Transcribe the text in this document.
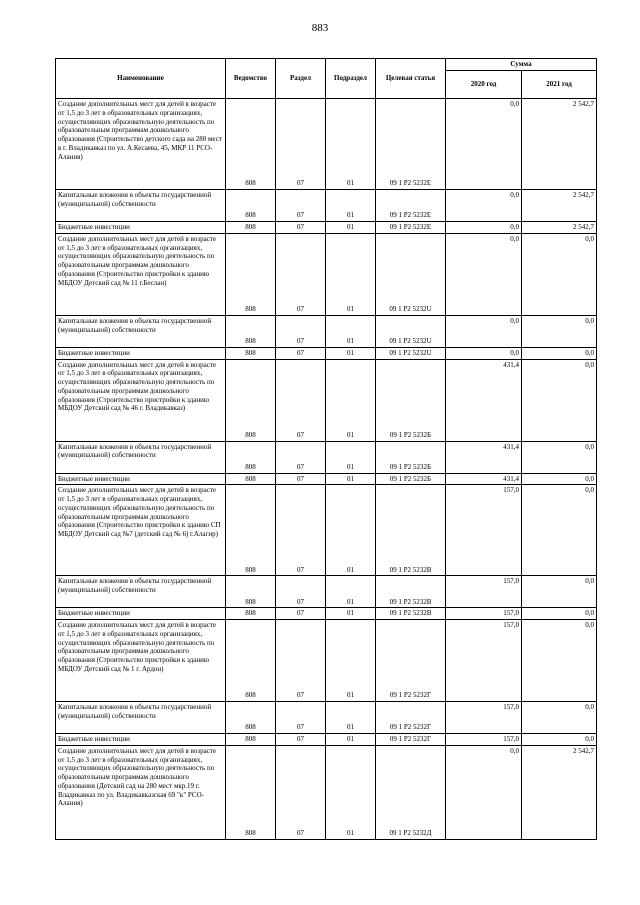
883
Наименование	Ведомство	Раздел	Подраздел	Целевая статья	Сумма	
					2020 год	2021 год

Создание дополнительных мест для детей в возрасте от 1,5 до 3 лет в образовательных организациях, осуществляющих образовательную деятельность по образовательным программам дошкольного образования (Строительство детского сада на 280 мест в г. Владикавказ по ул. А.Кесаева, 45, МКР 11 РСО-Алания)	808	07	01	09 1 Р2 5232Е	0,0	2 542,7

Капитальные вложения в объекты государственной (муниципальной) собственности	808	07	01	09 1 Р2 5232Е	0,0	2 542,7

Бюджетные инвестиции	808	07	01	09 1 Р2 5232Е	0,0	2 542,7

Создание дополнительных мест для детей в возрасте от 1,5 до 3 лет в образовательных организациях, осуществляющих образовательную деятельность по образовательным программам дошкольного образования (Строительство пристройки к зданию МБДОУ Детский сад № 11 г.Беслан)	808	07	01	09 1 Р2 5232U	0,0	0,0

Капитальные вложения в объекты государственной (муниципальной) собственности	808	07	01	09 1 Р2 5232U	0,0	0,0

Бюджетные инвестиции	808	07	01	09 1 Р2 5232U	0,0	0,0

Создание дополнительных мест для детей в возрасте от 1,5 до 3 лет в образовательных организациях, осуществляющих образовательную деятельность по образовательным программам дошкольного образования (Строительство пристройки к зданию МБДОУ Детский сад № 46 г. Владикавказ)	808	07	01	09 1 Р2 5232Б	431,4	0,0

Капитальные вложения в объекты государственной (муниципальной) собственности	808	07	01	09 1 Р2 5232Б	431,4	0,0

Бюджетные инвестиции	808	07	01	09 1 Р2 5232Б	431,4	0,0

Создание дополнительных мест для детей в возрасте от 1,5 до 3 лет в образовательных организациях, осуществляющих образовательную деятельность по образовательным программам дошкольного образования (Строительство пристройки к зданию СП МБДОУ Детский сад №7 (детский сад № 6) г.Алагир)	808	07	01	09 1 Р2 5232В	157,0	0,0

Капитальные вложения в объекты государственной (муниципальной) собственности	808	07	01	09 1 Р2 5232В	157,0	0,0

Бюджетные инвестиции	808	07	01	09 1 Р2 5232В	157,0	0,0

Создание дополнительных мест для детей в возрасте от 1,5 до 3 лет в образовательных организациях, осуществляющих образовательную деятельность по образовательным программам дошкольного образования (Строительство пристройки к зданию МБДОУ Детский сад № 1 г. Ардон)	808	07	01	09 1 Р2 5232Г	157,0	0,0

Капитальные вложения в объекты государственной (муниципальной) собственности	808	07	01	09 1 Р2 5232Г	157,0	0,0

Бюджетные инвестиции	808	07	01	09 1 Р2 5232Г	157,0	0,0

Создание дополнительных мест для детей в возрасте от 1,5 до 3 лет в образовательных организациях, осуществляющих образовательную деятельность по образовательным программам дошкольного образования (Детский сад на 280 мест мкр.19 г. Владикавказ по ул. Владикавказская 69 "к" РСО-Алания)	808	07	01	09 1 Р2 5232Д	0,0	2 542,7
